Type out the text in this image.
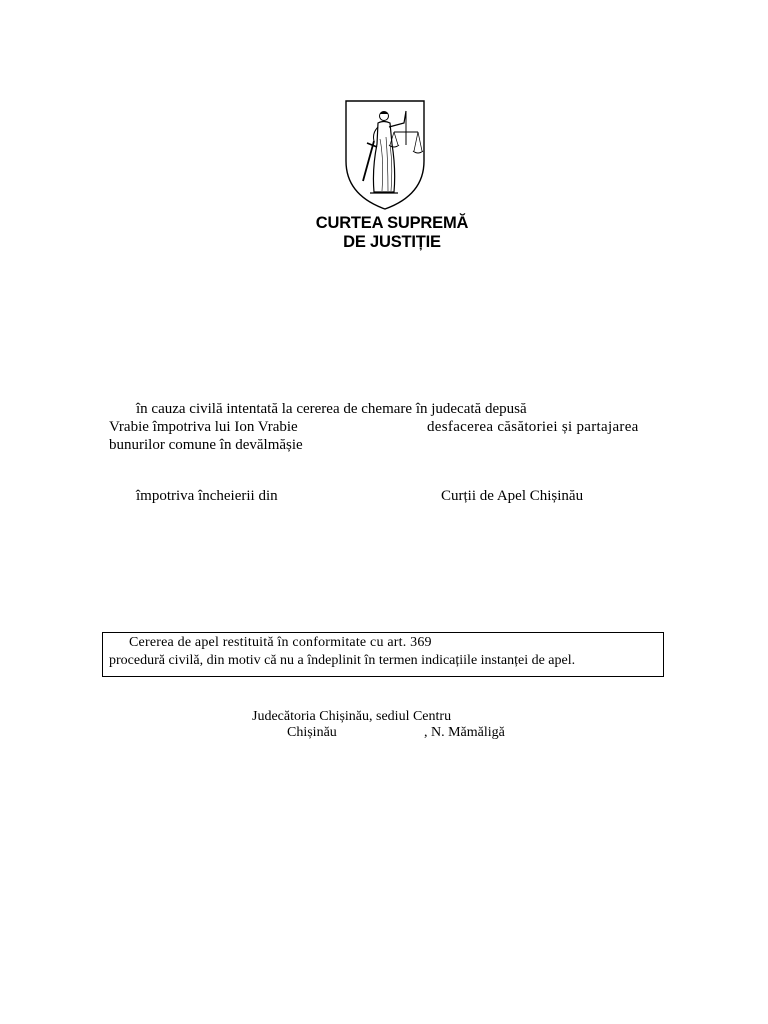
CURTEA SUPREMĂ
DE JUSTIȚIE
în cauza civilă intentată la cererea de chemare în judecată depusă
Vrabie împotriva lui Ion Vrabie	desfacerea căsătoriei și partajarea
bunurilor comune în devălmășie
împotriva încheierii din	Curții de Apel Chișinău
Cererea de apel restituită în conformitate cu art. 369
procedură civilă, din motiv că nu a îndeplinit în termen indicațiile instanței de apel.
Judecătoria Chișinău, sediul Centru
Chișinău	, N. Mămăligă
